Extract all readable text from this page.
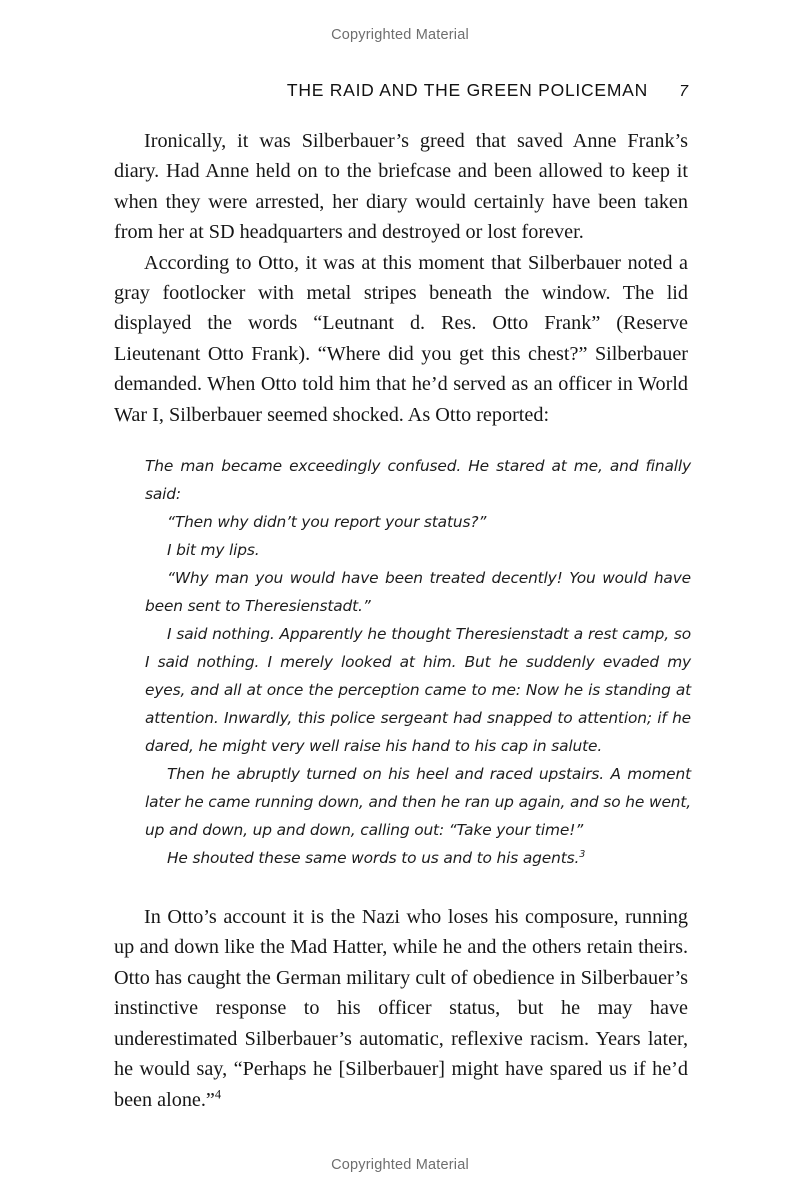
Copyrighted Material
THE RAID AND THE GREEN POLICEMAN	7

Ironically, it was Silberbauer’s greed that saved Anne Frank’s diary. Had Anne held on to the briefcase and been allowed to keep it when they were arrested, her diary would certainly have been taken from her at SD headquarters and destroyed or lost forever.

According to Otto, it was at this moment that Silberbauer noted a gray footlocker with metal stripes beneath the window. The lid displayed the words “Leutnant d. Res. Otto Frank” (Reserve Lieutenant Otto Frank). “Where did you get this chest?” Silberbauer demanded. When Otto told him that he’d served as an officer in World War I, Silberbauer seemed shocked. As Otto reported:

The man became exceedingly confused. He stared at me, and finally said:

“Then why didn’t you report your status?”

I bit my lips.

“Why man you would have been treated decently! You would have been sent to Theresienstadt.”

I said nothing. Apparently he thought Theresienstadt a rest camp, so I said nothing. I merely looked at him. But he suddenly evaded my eyes, and all at once the perception came to me: Now he is standing at attention. Inwardly, this police sergeant had snapped to attention; if he dared, he might very well raise his hand to his cap in salute.

Then he abruptly turned on his heel and raced upstairs. A moment later he came running down, and then he ran up again, and so he went, up and down, up and down, calling out: “Take your time!”

He shouted these same words to us and to his agents.$^3$

In Otto’s account it is the Nazi who loses his composure, running up and down like the Mad Hatter, while he and the others retain theirs. Otto has caught the German military cult of obedience in Silberbauer’s instinctive response to his officer status, but he may have underestimated Silberbauer’s automatic, reflexive racism. Years later, he would say, “Perhaps he [Silberbauer] might have spared us if he’d been alone.”$^4$

Copyrighted Material
